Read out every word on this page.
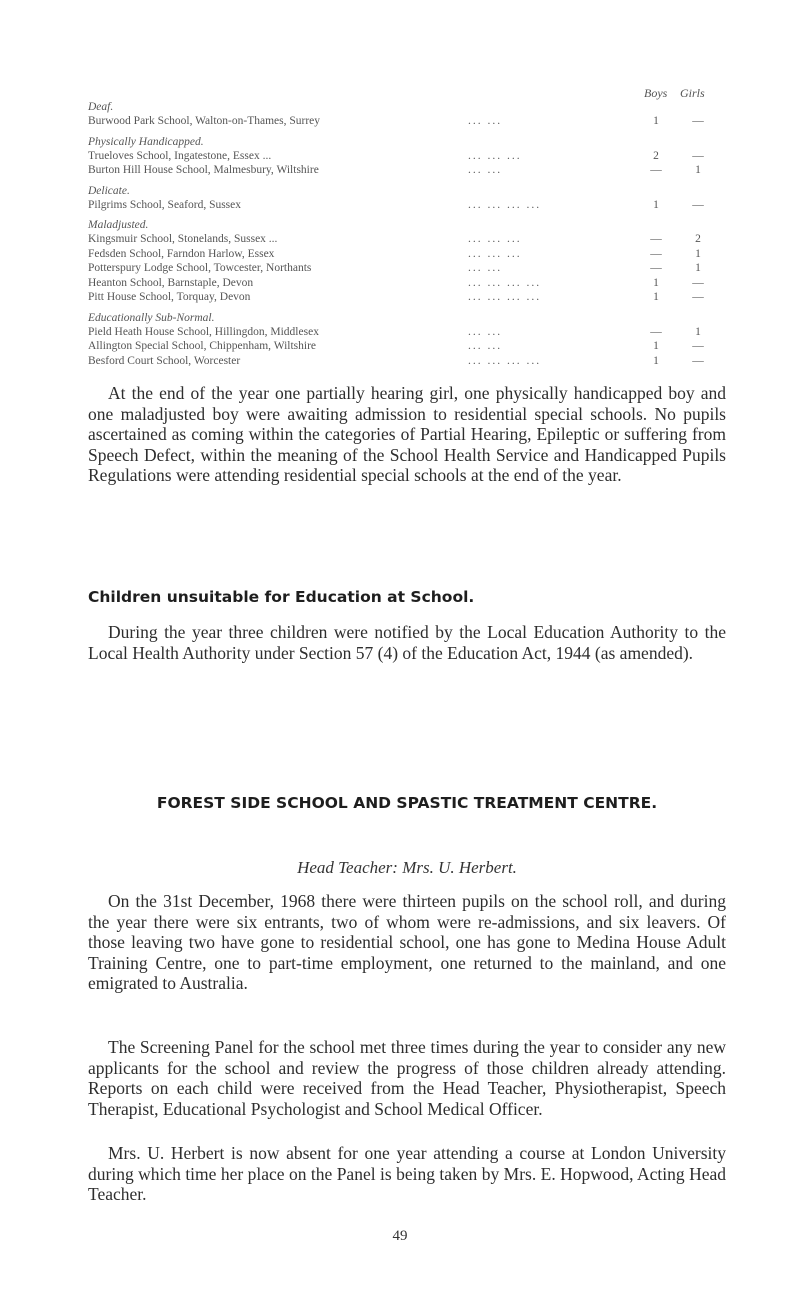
Boys Girls
Deaf.
Burwood Park School, Walton-on-Thames, Surrey	... ...	1	—
Physically Handicapped.
Trueloves School, Ingatestone, Essex ...	... ... ...	2	—
Burton Hill House School, Malmesbury, Wiltshire	... ...	—	1
Delicate.
Pilgrims School, Seaford, Sussex	... ... ... ...	1	—
Maladjusted.
Kingsmuir School, Stonelands, Sussex ...	... ... ...	—	2
Fedsden School, Farndon Harlow, Essex	... ... ...	—	1
Potterspury Lodge School, Towcester, Northants	... ...	—	1
Heanton School, Barnstaple, Devon	... ... ... ...	1	—
Pitt House School, Torquay, Devon	... ... ... ...	1	—
Educationally Sub-Normal.
Pield Heath House School, Hillingdon, Middlesex	... ...	—	1
Allington Special School, Chippenham, Wiltshire	... ...	1	—
Besford Court School, Worcester	... ... ... ...	1	—

At the end of the year one partially hearing girl, one physically handicapped boy and one maladjusted boy were awaiting admission to residential special schools. No pupils ascertained as coming within the categories of Partial Hearing, Epileptic or suffering from Speech Defect, within the meaning of the School Health Service and Handicapped Pupils Regulations were attending residential special schools at the end of the year.

Children unsuitable for Education at School.

During the year three children were notified by the Local Education Authority to the Local Health Authority under Section 57 (4) of the Education Act, 1944 (as amended).

FOREST SIDE SCHOOL AND SPASTIC TREATMENT CENTRE.
Head Teacher: Mrs. U. Herbert.

On the 31st December, 1968 there were thirteen pupils on the school roll, and during the year there were six entrants, two of whom were re-admissions, and six leavers. Of those leaving two have gone to residential school, one has gone to Medina House Adult Training Centre, one to part-time employment, one returned to the mainland, and one emigrated to Australia.

The Screening Panel for the school met three times during the year to consider any new applicants for the school and review the progress of those children already attending. Reports on each child were received from the Head Teacher, Physiotherapist, Speech Therapist, Educational Psychologist and School Medical Officer.

Mrs. U. Herbert is now absent for one year attending a course at London University during which time her place on the Panel is being taken by Mrs. E. Hopwood, Acting Head Teacher.

49
